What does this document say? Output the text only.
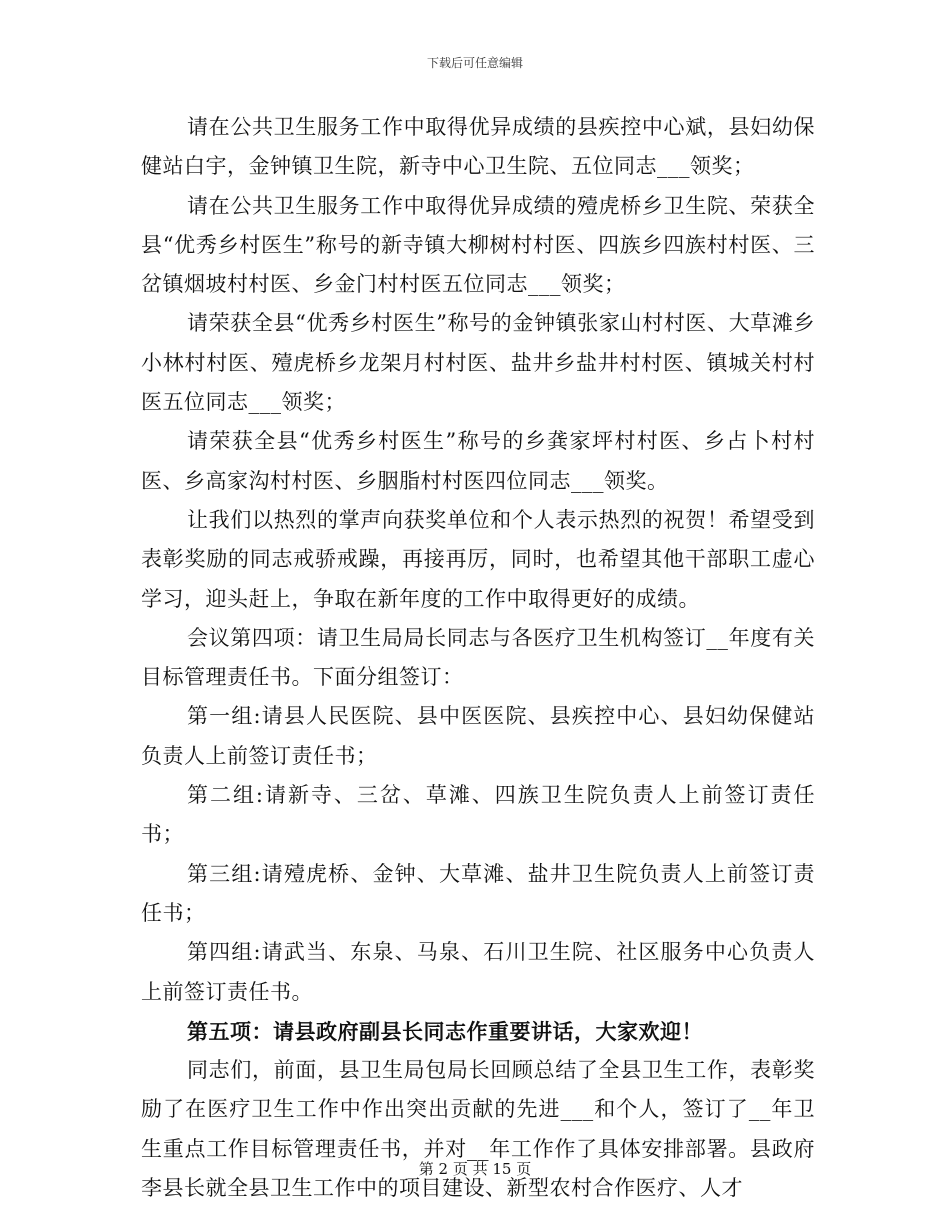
下载后可任意编辑

请在公共卫生服务工作中取得优异成绩的县疾控中心斌，县妇幼保健站白宇，金钟镇卫生院，新寺中心卫生院、五位同志___领奖；

请在公共卫生服务工作中取得优异成绩的殪虎桥乡卫生院、荣获全县“优秀乡村医生”称号的新寺镇大柳树村村医、四族乡四族村村医、三岔镇烟坡村村医、乡金门村村医五位同志___领奖；

请荣获全县“优秀乡村医生”称号的金钟镇张家山村村医、大草滩乡小林村村医、殪虎桥乡龙架月村村医、盐井乡盐井村村医、镇城关村村医五位同志___领奖；

请荣获全县“优秀乡村医生”称号的乡龚家坪村村医、乡占卜村村医、乡高家沟村村医、乡胭脂村村医四位同志___领奖。

让我们以热烈的掌声向获奖单位和个人表示热烈的祝贺！希望受到表彰奖励的同志戒骄戒躁，再接再厉，同时，也希望其他干部职工虚心学习，迎头赶上，争取在新年度的工作中取得更好的成绩。

会议第四项：请卫生局局长同志与各医疗卫生机构签订__年度有关目标管理责任书。下面分组签订：

第一组:请县人民医院、县中医医院、县疾控中心、县妇幼保健站负责人上前签订责任书；

第二组:请新寺、三岔、草滩、四族卫生院负责人上前签订责任书；

第三组:请殪虎桥、金钟、大草滩、盐井卫生院负责人上前签订责任书；

第四组:请武当、东泉、马泉、石川卫生院、社区服务中心负责人上前签订责任书。

第五项：请县政府副县长同志作重要讲话，大家欢迎！

同志们，前面，县卫生局包局长回顾总结了全县卫生工作，表彰奖励了在医疗卫生工作中作出突出贡献的先进___和个人，签订了__年卫生重点工作目标管理责任书，并对__年工作作了具体安排部署。县政府李县长就全县卫生工作中的项目建设、新型农村合作医疗、人才

第 2 页 共 15 页
